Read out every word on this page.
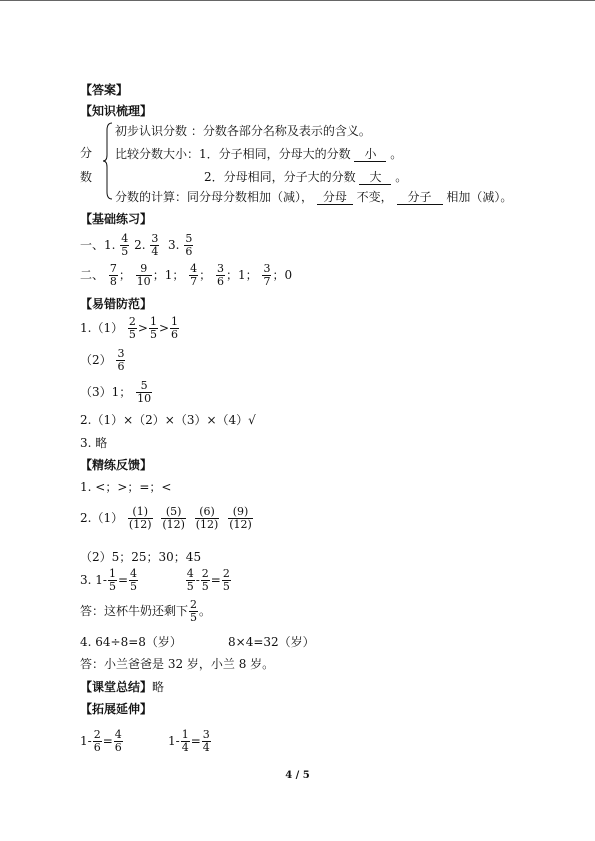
【答案】
【知识梳理】
分
数
初步认识分数 ：分数各部分名称及表示的含义。
比较分数大小：1．分子相同，分母大的分数 小 。
2．分母相同，分子大的分数 大 。
分数的计算：同分母分数相加（减）， 分母 不变， 分子 相加（减）。
【基础练习】
一、1. $\frac{4}{5} 2$. $\frac{3}{4} 3$. $\frac{5}{6}$
二、 $\frac{7}{8}$ ； $\frac{9}{10}$ ；1； $\frac{4}{7}$ ； $\frac{3}{6}$ ；1； $\frac{3}{7}$ ；0
【易错防范】
$1.(1) \frac{2}{5} > \frac{1}{5} > \frac{1}{6}$
$(2) \frac{3}{6}$
（3）1； $\frac{5}{10}$
2.（1）×（2）×（3）×（4）√
3. 略
【精练反馈】
1. <；>；=；<
$2.(1) \frac{(1)}{(12)}$
$\frac{(5)}{(12)}$
$\frac{(6)}{(12)}$
$\frac{(9)}{(12)}$
（2）5；25；30；45
3. $1- \frac{1}{5} = \frac{4}{5}$
	$\frac{4}{5} - \frac{2}{5} = \frac{2}{5}$
答：这杯牛奶还剩下 $\frac{2}{5}$ 。
4. 64÷8=8（岁）	8×4=32（岁）
答：小兰爸爸是 32 岁，小兰 8 岁。
【课堂总结】略
【拓展延伸】
$1- \frac{2}{6} = \frac{4}{6}$	$1- \frac{1}{4} = \frac{3}{4}$
4 / 5
